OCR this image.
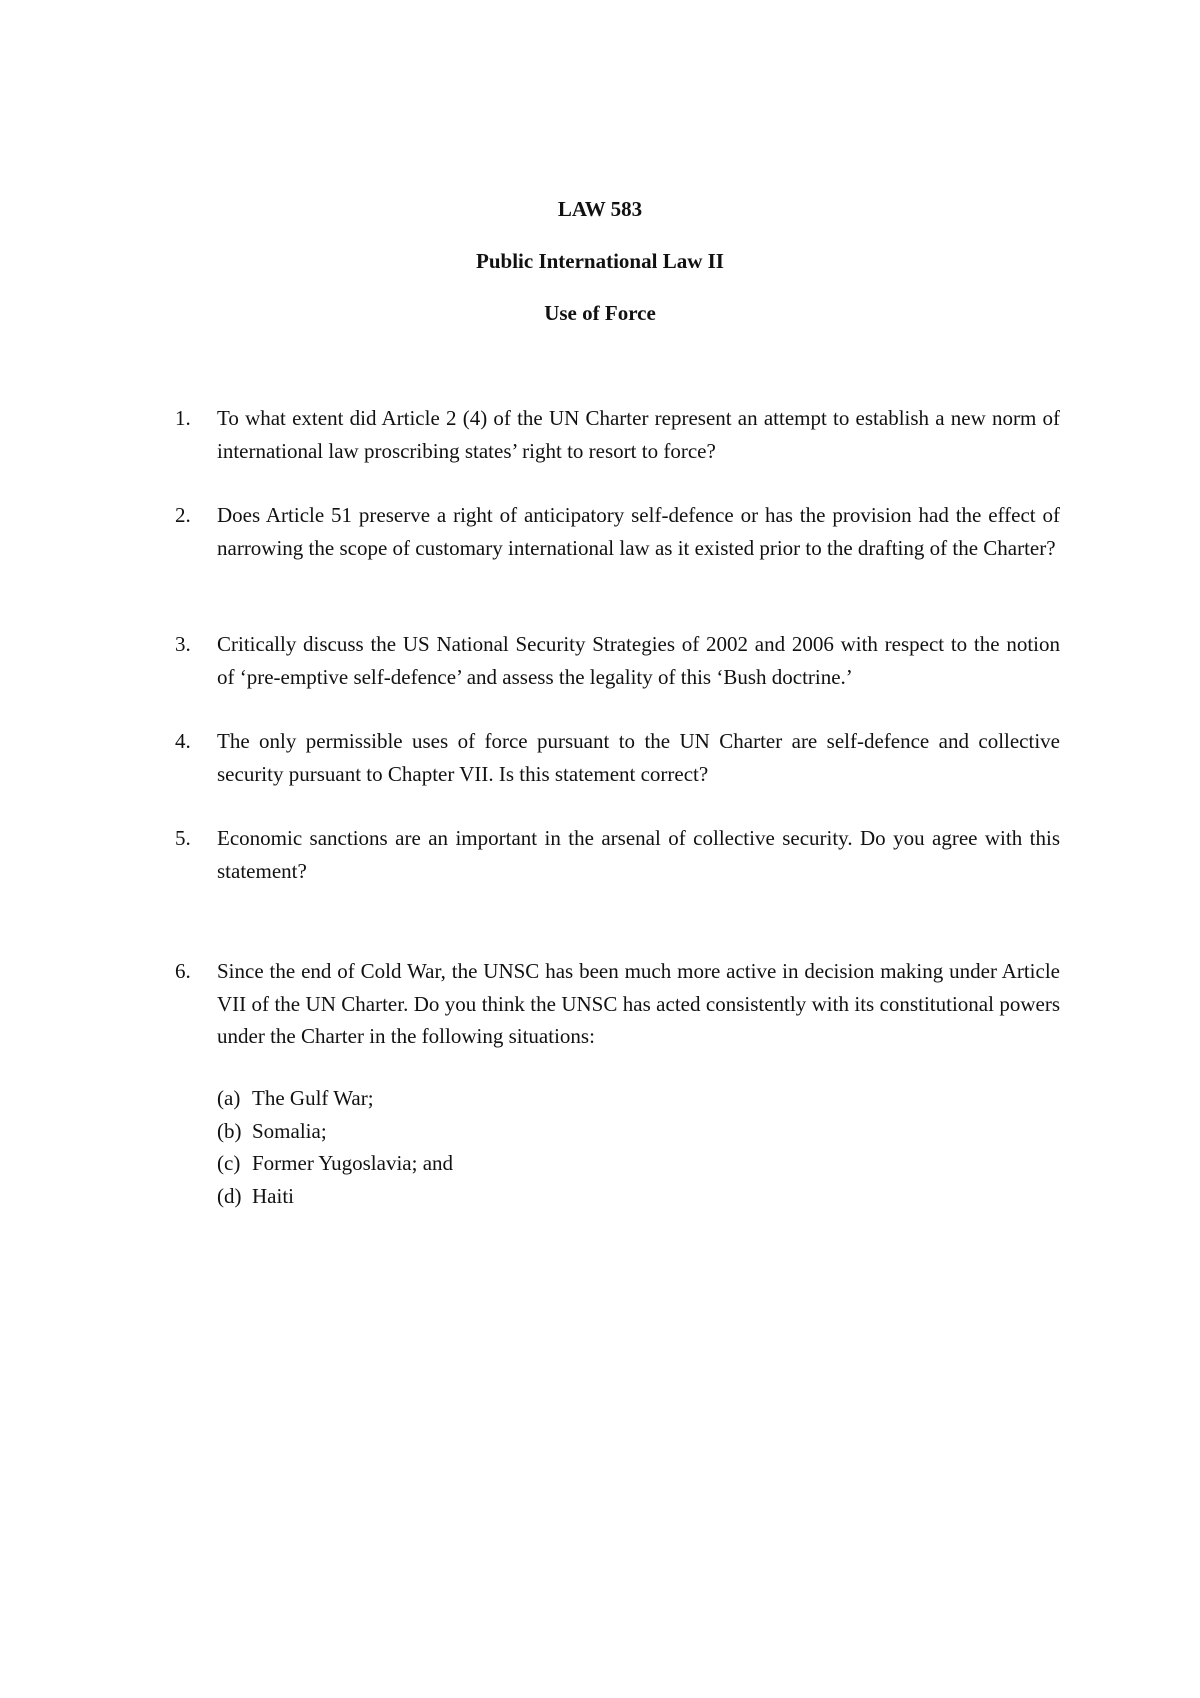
LAW 583
Public International Law II
Use of Force
1.	To what extent did Article 2 (4) of the UN Charter represent an attempt to establish a new norm of international law proscribing states’ right to resort to force?
2.	Does Article 51 preserve a right of anticipatory self-defence or has the provision had the effect of narrowing the scope of customary international law as it existed prior to the drafting of the Charter?
3.	Critically discuss the US National Security Strategies of 2002 and 2006 with respect to the notion of ‘pre-emptive self-defence’ and assess the legality of this ‘Bush doctrine.’
4.	The only permissible uses of force pursuant to the UN Charter are self-defence and collective security pursuant to Chapter VII. Is this statement correct?
5.	Economic sanctions are an important in the arsenal of collective security. Do you agree with this statement?
6.	Since the end of Cold War, the UNSC has been much more active in decision making under Article VII of the UN Charter. Do you think the UNSC has acted consistently with its constitutional powers under the Charter in the following situations:
(a) The Gulf War;
(b) Somalia;
(c) Former Yugoslavia; and
(d) Haiti
